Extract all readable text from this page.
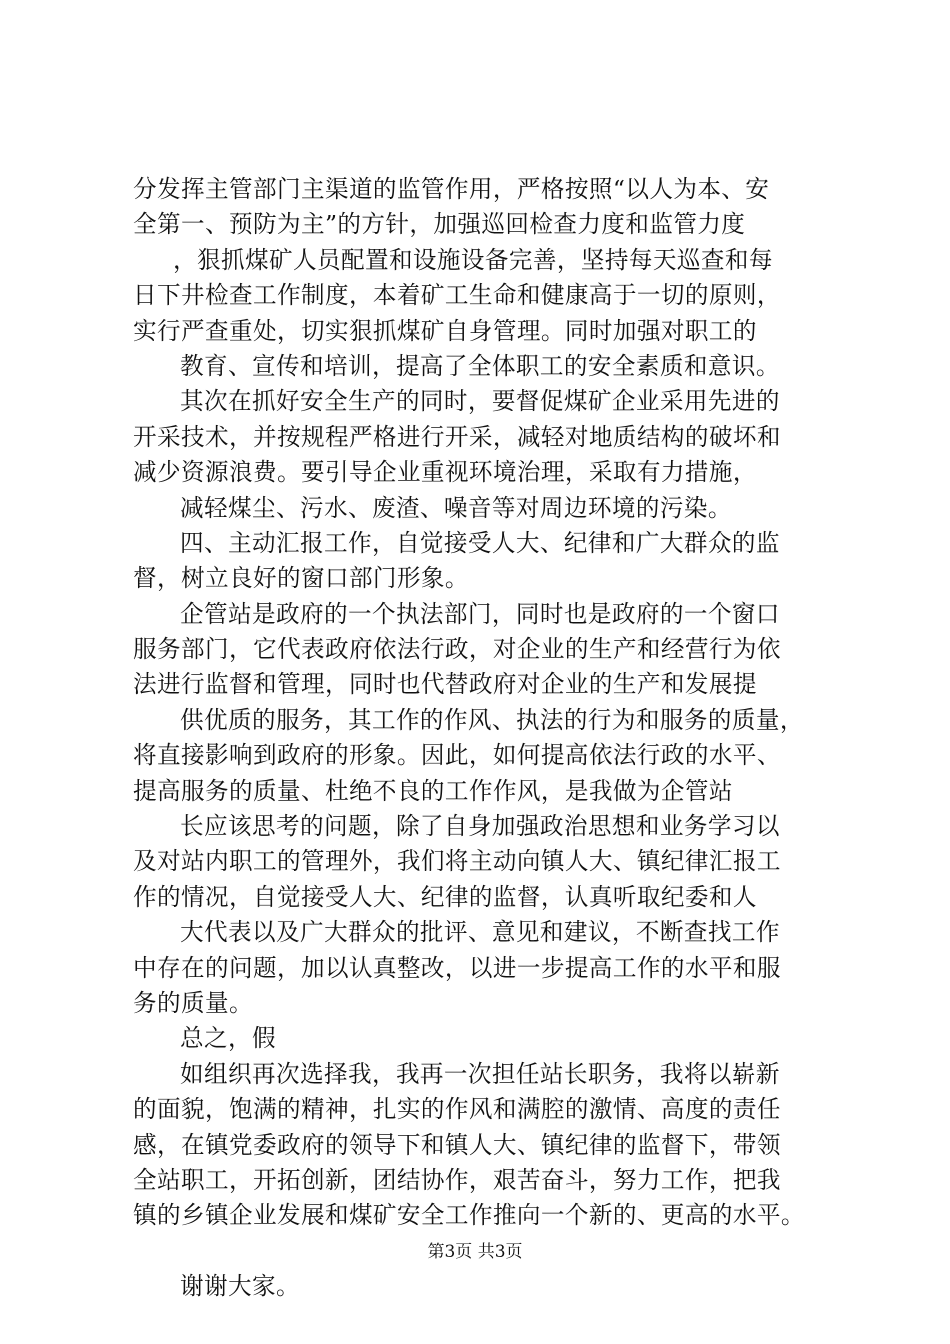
分发挥主管部门主渠道的监管作用，严格按照“以人为本、安
全第一、预防为主”的方针，加强巡回检查力度和监管力度
，狠抓煤矿人员配置和设施设备完善，坚持每天巡查和每
日下井检查工作制度，本着矿工生命和健康高于一切的原则，
实行严查重处，切实狠抓煤矿自身管理。同时加强对职工的
教育、宣传和培训，提高了全体职工的安全素质和意识。
其次在抓好安全生产的同时，要督促煤矿企业采用先进的
开采技术，并按规程严格进行开采，减轻对地质结构的破坏和
减少资源浪费。要引导企业重视环境治理，采取有力措施，
减轻煤尘、污水、废渣、噪音等对周边环境的污染。
四、主动汇报工作，自觉接受人大、纪律和广大群众的监
督，树立良好的窗口部门形象。
企管站是政府的一个执法部门，同时也是政府的一个窗口
服务部门，它代表政府依法行政，对企业的生产和经营行为依
法进行监督和管理，同时也代替政府对企业的生产和发展提
供优质的服务，其工作的作风、执法的行为和服务的质量，
将直接影响到政府的形象。因此，如何提高依法行政的水平、
提高服务的质量、杜绝不良的工作作风，是我做为企管站
长应该思考的问题，除了自身加强政治思想和业务学习以
及对站内职工的管理外，我们将主动向镇人大、镇纪律汇报工
作的情况，自觉接受人大、纪律的监督，认真听取纪委和人
大代表以及广大群众的批评、意见和建议，不断查找工作
中存在的问题，加以认真整改，以进一步提高工作的水平和服
务的质量。
总之，假
如组织再次选择我，我再一次担任站长职务，我将以崭新
的面貌，饱满的精神，扎实的作风和满腔的激情、高度的责任
感，在镇党委政府的领导下和镇人大、镇纪律的监督下，带领
全站职工，开拓创新，团结协作，艰苦奋斗，努力工作，把我
镇的乡镇企业发展和煤矿安全工作推向一个新的、更高的水平。
谢谢大家。
第3页 共3页
